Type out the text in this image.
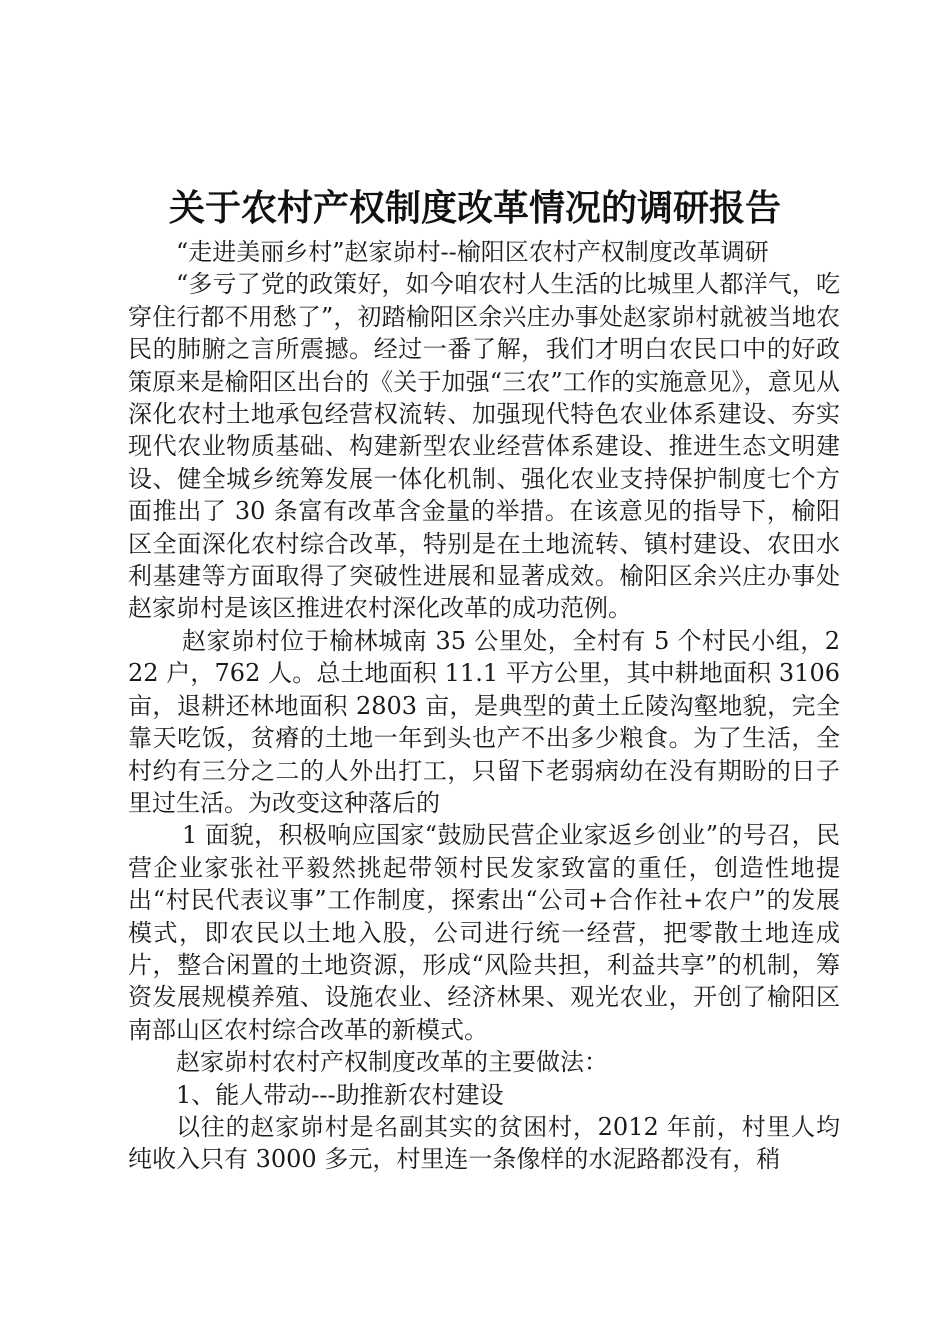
关于农村产权制度改革情况的调研报告

“走进美丽乡村”赵家峁村--榆阳区农村产权制度改革调研

“多亏了党的政策好，如今咱农村人生活的比城里人都洋气，吃穿住行都不用愁了”，初踏榆阳区余兴庄办事处赵家峁村就被当地农民的肺腑之言所震撼。经过一番了解，我们才明白农民口中的好政策原来是榆阳区出台的《关于加强“三农”工作的实施意见》，意见从深化农村土地承包经营权流转、加强现代特色农业体系建设、夯实现代农业物质基础、构建新型农业经营体系建设、推进生态文明建设、健全城乡统筹发展一体化机制、强化农业支持保护制度七个方面推出了 30 条富有改革含金量的举措。在该意见的指导下，榆阳区全面深化农村综合改革，特别是在土地流转、镇村建设、农田水利基建等方面取得了突破性进展和显著成效。榆阳区余兴庄办事处赵家峁村是该区推进农村深化改革的成功范例。

赵家峁村位于榆林城南 35 公里处，全村有 5 个村民小组，222 户，762 人。总土地面积 11.1 平方公里，其中耕地面积 3106 亩，退耕还林地面积 2803 亩，是典型的黄土丘陵沟壑地貌，完全靠天吃饭，贫瘠的土地一年到头也产不出多少粮食。为了生活，全村约有三分之二的人外出打工，只留下老弱病幼在没有期盼的日子里过生活。为改变这种落后的

1 面貌，积极响应国家“鼓励民营企业家返乡创业”的号召，民营企业家张社平毅然挑起带领村民发家致富的重任，创造性地提出“村民代表议事”工作制度，探索出“公司+合作社+农户”的发展模式，即农民以土地入股，公司进行统一经营，把零散土地连成片，整合闲置的土地资源，形成“风险共担，利益共享”的机制，筹资发展规模养殖、设施农业、经济林果、观光农业，开创了榆阳区南部山区农村综合改革的新模式。

赵家峁村农村产权制度改革的主要做法：

1、能人带动---助推新农村建设

以往的赵家峁村是名副其实的贫困村，2012 年前，村里人均纯收入只有 3000 多元，村里连一条像样的水泥路都没有，稍
